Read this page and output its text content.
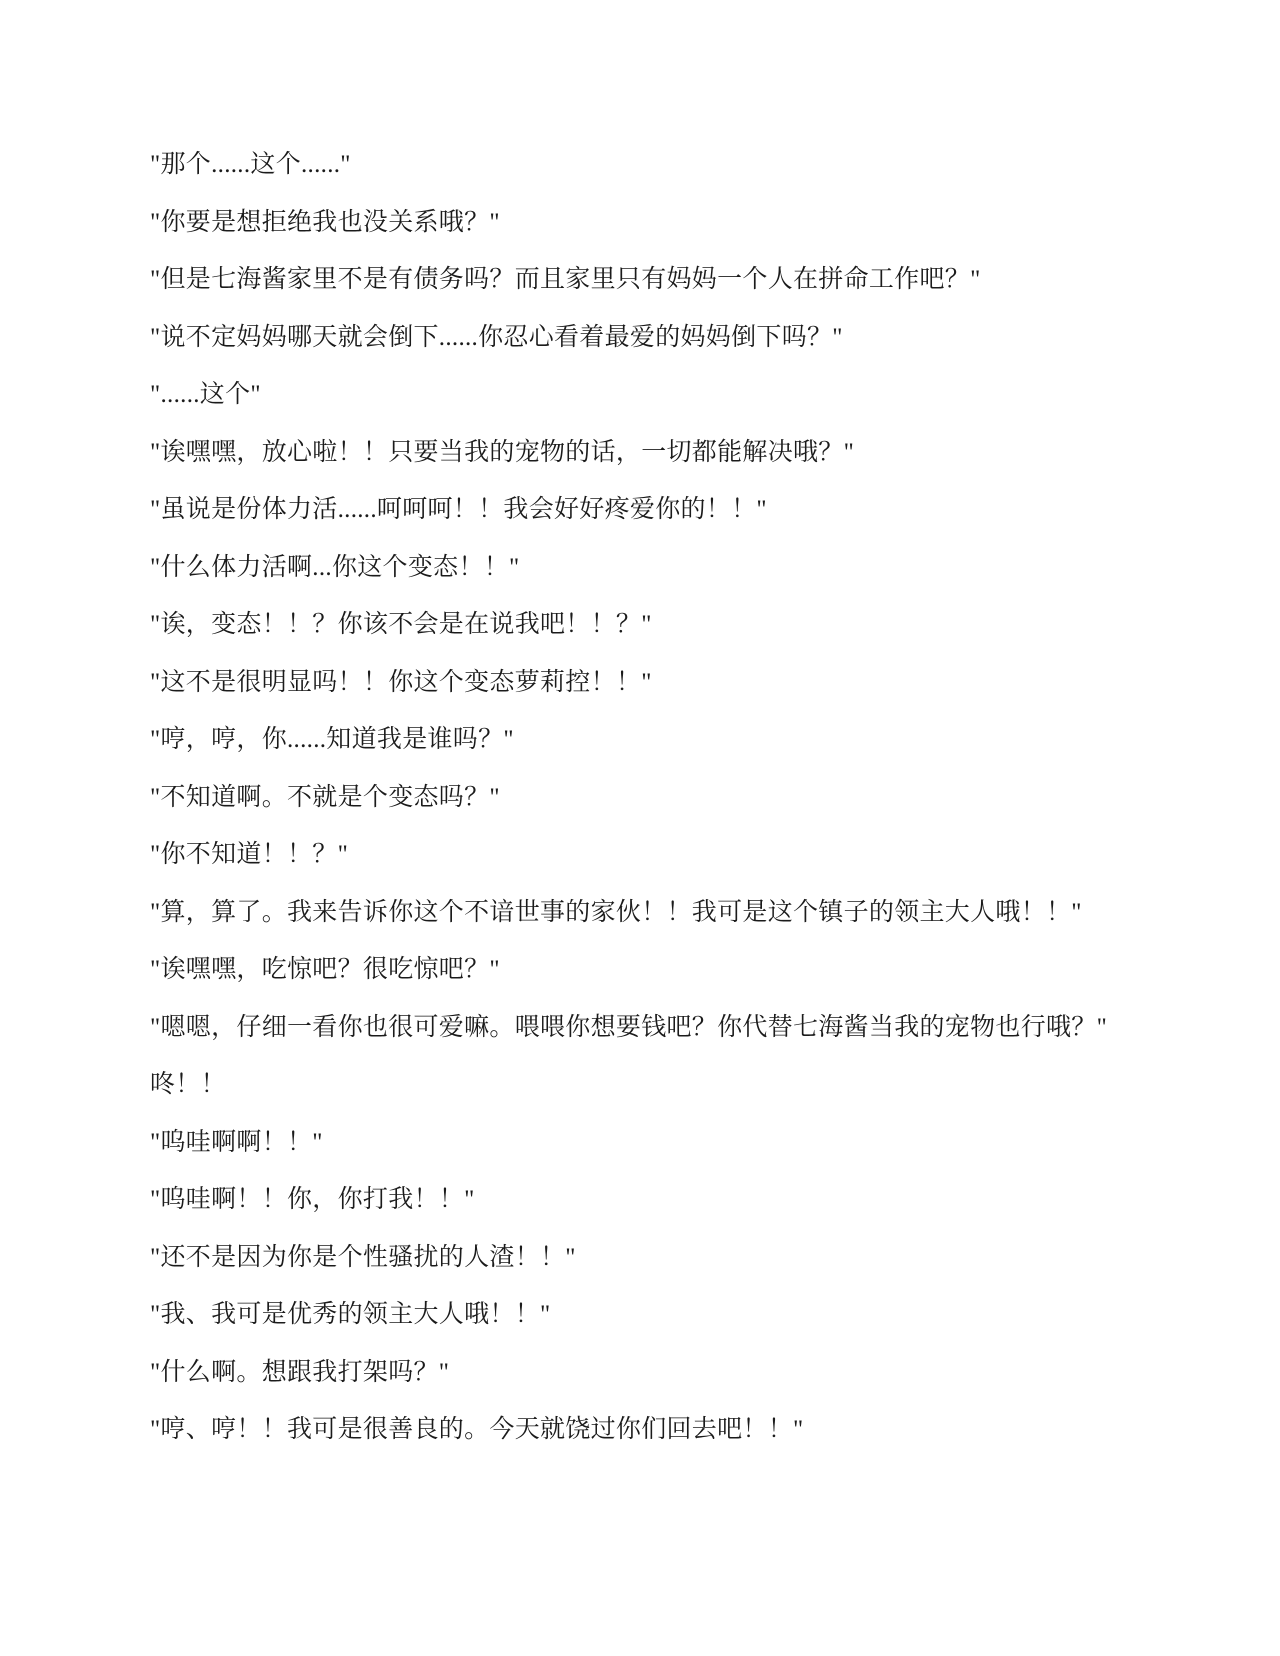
"那个......这个......"

"你要是想拒绝我也没关系哦？"

"但是七海酱家里不是有债务吗？而且家里只有妈妈一个人在拼命工作吧？"

"说不定妈妈哪天就会倒下......你忍心看着最爱的妈妈倒下吗？"

"......这个"

"诶嘿嘿，放心啦！！只要当我的宠物的话，一切都能解决哦？"

"虽说是份体力活......呵呵呵！！我会好好疼爱你的！！"

"什么体力活啊...你这个变态！！"

"诶，变态！！？你该不会是在说我吧！！？"

"这不是很明显吗！！你这个变态萝莉控！！"

"哼，哼，你......知道我是谁吗？"

"不知道啊。不就是个变态吗？"

"你不知道！！？"

"算，算了。我来告诉你这个不谙世事的家伙！！我可是这个镇子的领主大人哦！！"

"诶嘿嘿，吃惊吧？很吃惊吧？"

"嗯嗯，仔细一看你也很可爱嘛。喂喂你想要钱吧？你代替七海酱当我的宠物也行哦？"

咚！！

"呜哇啊啊！！"

"呜哇啊！！你，你打我！！"

"还不是因为你是个性骚扰的人渣！！"

"我、我可是优秀的领主大人哦！！"

"什么啊。想跟我打架吗？"

"哼、哼！！我可是很善良的。今天就饶过你们回去吧！！"
